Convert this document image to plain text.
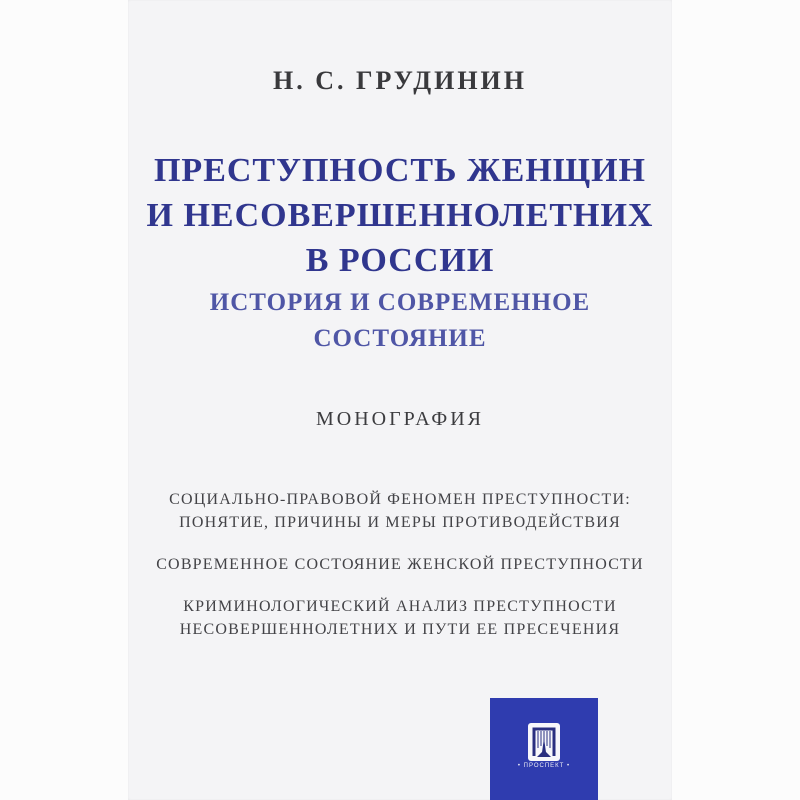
Н. С. ГРУДИНИН
ПРЕСТУПНОСТЬ ЖЕНЩИН
И НЕСОВЕРШЕННОЛЕТНИХ
В РОССИИ
ИСТОРИЯ И СОВРЕМЕННОЕ
СОСТОЯНИЕ
МОНОГРАФИЯ
СОЦИАЛЬНО-ПРАВОВОЙ ФЕНОМЕН ПРЕСТУПНОСТИ:
ПОНЯТИЕ, ПРИЧИНЫ И МЕРЫ ПРОТИВОДЕЙСТВИЯ
СОВРЕМЕННОЕ СОСТОЯНИЕ ЖЕНСКОЙ ПРЕСТУПНОСТИ
КРИМИНОЛОГИЧЕСКИЙ АНАЛИЗ ПРЕСТУПНОСТИ
НЕСОВЕРШЕННОЛЕТНИХ И ПУТИ ЕЕ ПРЕСЕЧЕНИЯ
• ПРОСПЕКТ •
